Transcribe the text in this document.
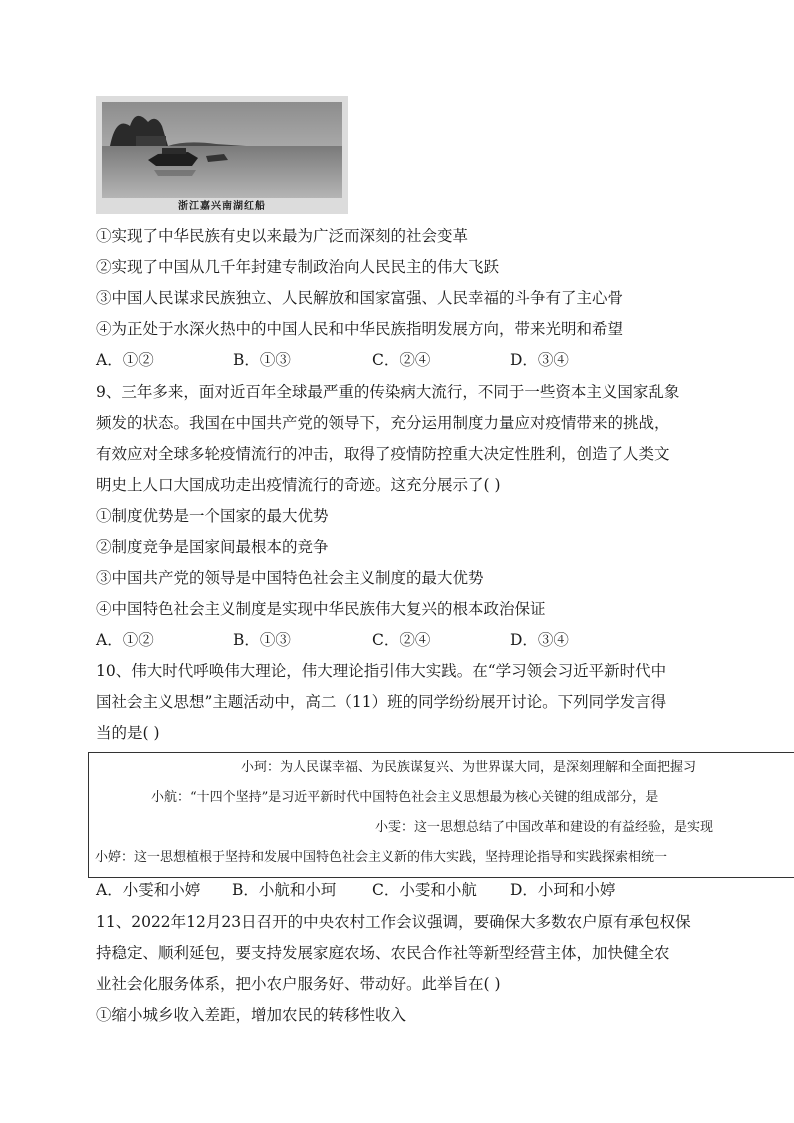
浙江嘉兴南湖红船
①实现了中华民族有史以来最为广泛而深刻的社会变革
②实现了中国从几千年封建专制政治向人民民主的伟大飞跃
③中国人民谋求民族独立、人民解放和国家富强、人民幸福的斗争有了主心骨
④为正处于水深火热中的中国人民和中华民族指明发展方向，带来光明和希望
A．①②	B．①③	C．②④	D．③④
9、三年多来，面对近百年全球最严重的传染病大流行，不同于一些资本主义国家乱象
频发的状态。我国在中国共产党的领导下，充分运用制度力量应对疫情带来的挑战，
有效应对全球多轮疫情流行的冲击，取得了疫情防控重大决定性胜利，创造了人类文
明史上人口大国成功走出疫情流行的奇迹。这充分展示了( )
①制度优势是一个国家的最大优势
②制度竞争是国家间最根本的竞争
③中国共产党的领导是中国特色社会主义制度的最大优势
④中国特色社会主义制度是实现中华民族伟大复兴的根本政治保证
A．①②	B．①③	C．②④	D．③④
10、伟大时代呼唤伟大理论，伟大理论指引伟大实践。在“学习领会习近平新时代中
国社会主义思想”主题活动中，高二（11）班的同学纷纷展开讨论。下列同学发言得
当的是( )
小珂：为人民谋幸福、为民族谋复兴、为世界谋大同，是深刻理解和全面把握习
小航：“十四个坚持”是习近平新时代中国特色社会主义思想最为核心关键的组成部分，是
小雯：这一思想总结了中国改革和建设的有益经验，是实现
小婷：这一思想植根于坚持和发展中国特色社会主义新的伟大实践，坚持理论指导和实践探索相统一
A．小雯和小婷 B．小航和小珂 C．小雯和小航 D．小珂和小婷
11、2022年12月23日召开的中央农村工作会议强调，要确保大多数农户原有承包权保
持稳定、顺利延包，要支持发展家庭农场、农民合作社等新型经营主体，加快健全农
业社会化服务体系，把小农户服务好、带动好。此举旨在( )
①缩小城乡收入差距，增加农民的转移性收入
